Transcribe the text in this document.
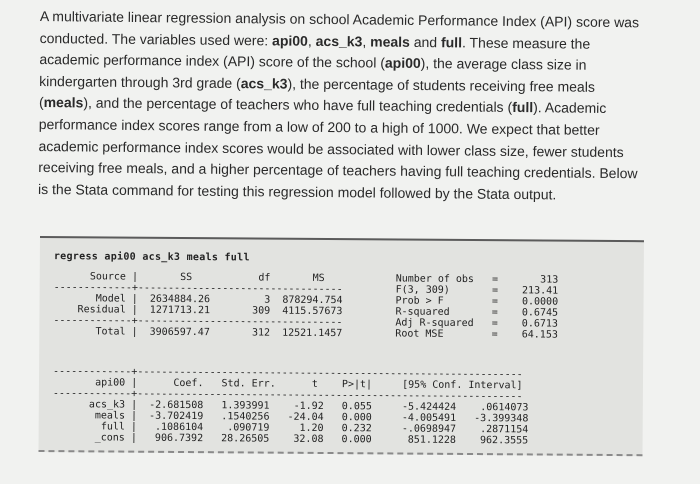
A multivariate linear regression analysis on school Academic Performance Index (API) score was conducted. The variables used were: api00, acs_k3, meals and full. These measure the academic performance index (API) score of the school (api00), the average class size in kindergarten through 3rd grade (acs_k3), the percentage of students receiving free meals (meals), and the percentage of teachers who have full teaching credentials (full). Academic performance index scores range from a low of 200 to a high of 1000. We expect that better academic performance index scores would be associated with lower class size, fewer students receiving free meals, and a higher percentage of teachers having full teaching credentials. Below is the Stata command for testing this regression model followed by the Stata output.

regress api00 acs_k3 meals full
Source |       SS           df       MS
-------------+----------------------------------
Model |  2634884.26         3  878294.754
Residual |  1271713.21       309  4115.57673
-------------+----------------------------------
Total |  3906597.47       312  12521.1457
Number of obs   =       313
F(3, 309)       =    213.41
Prob > F        =    0.0000
R-squared       =    0.6745
Adj R-squared   =    0.6713
Root MSE        =    64.153
-------------+----------------------------------------------------------------
api00 |      Coef.   Std. Err.      t    P>|t|     [95% Conf. Interval]
-------------+----------------------------------------------------------------
acs_k3 |  -2.681508   1.393991    -1.92   0.055     -5.424424    .0614073
meals |  -3.702419   .1540256   -24.04   0.000     -4.005491   -3.399348
full |   .1086104    .090719     1.20   0.232     -.0698947    .2871154
_cons |   906.7392   28.26505    32.08   0.000      851.1228    962.3555
